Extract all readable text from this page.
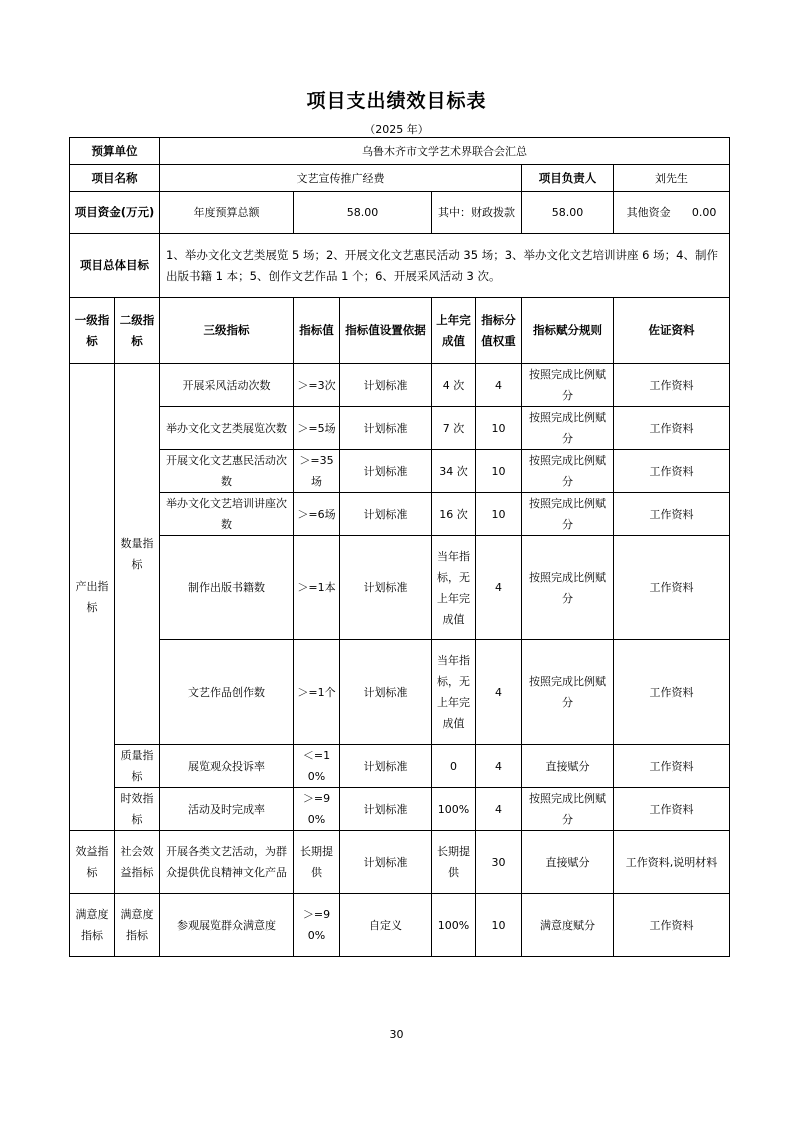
项目支出绩效目标表
（2025 年）
预算单位		乌鲁木齐市文学艺术界联合会汇总						
项目名称		文艺宣传推广经费					项目负责人	刘先生
项目资金(万元)		年度预算总额	58.00		其中：财政拨款		58.00	其他资金 0.00

项目总体目标		1、举办文化文艺类展览 5 场；2、开展文化文艺惠民活动 35 场；3、举办文化文艺培训讲座 6 场；4、制作出版书籍 1 本；5、创作文艺作品 1 个；6、开展采风活动 3 次。						
一级指标	二级指标	三级指标	指标值	指标值设置依据	上年完成值	指标分值权重	指标赋分规则	佐证资料
产出指标	数量指标	开展采风活动次数	＞=3次	计划标准	4 次	4	按照完成比例赋分	工作资料
		举办文化文艺类展览次数	＞=5场	计划标准	7 次	10	按照完成比例赋分	工作资料
		开展文化文艺惠民活动次数	＞=35场	计划标准	34 次	10	按照完成比例赋分	工作资料
		举办文化文艺培训讲座次数	＞=6场	计划标准	16 次	10	按照完成比例赋分	工作资料
		制作出版书籍数	＞=1本	计划标准	当年指标，无上年完成值	4	按照完成比例赋分	工作资料
		文艺作品创作数	＞=1个	计划标准	当年指标，无上年完成值	4	按照完成比例赋分	工作资料
	质量指标	展览观众投诉率	＜=10%	计划标准	0	4	直接赋分	工作资料
	时效指标	活动及时完成率	＞=90%	计划标准	100%	4	按照完成比例赋分	工作资料
效益指标	社会效益指标	开展各类文艺活动，为群众提供优良精神文化产品	长期提供	计划标准	长期提供	30	直接赋分	工作资料,说明材料
满意度指标	满意度指标	参观展览群众满意度	＞=90%	自定义	100%	10	满意度赋分	工作资料
30
